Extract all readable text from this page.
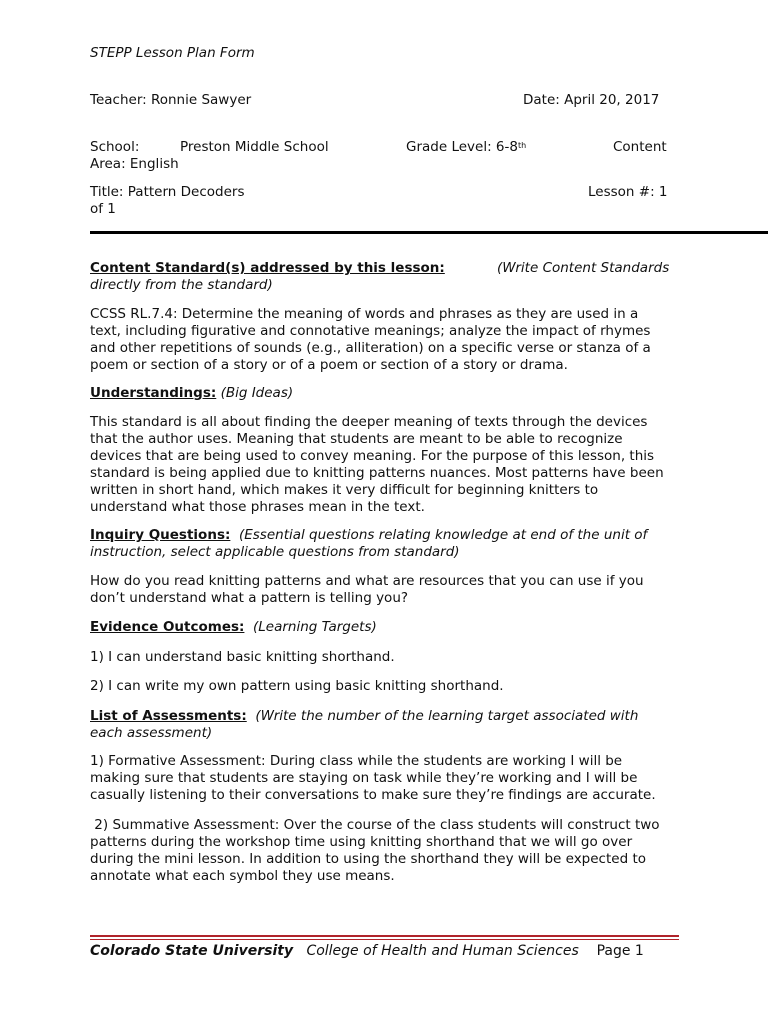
STEPP Lesson Plan Form
Teacher: Ronnie Sawyer	Date: April 20, 2017
School:	Preston Middle School	Grade Level: 6-8th	Content
Area: English
Title: Pattern Decoders	Lesson #: 1
of 1
Content Standard(s) addressed by this lesson:	(Write Content Standards
directly from the standard)
CCSS RL.7.4: Determine the meaning of words and phrases as they are used in a
text, including figurative and connotative meanings; analyze the impact of rhymes
and other repetitions of sounds (e.g., alliteration) on a specific verse or stanza of a
poem or section of a story or of a poem or section of a story or drama.
Understandings: (Big Ideas)
This standard is all about finding the deeper meaning of texts through the devices
that the author uses. Meaning that students are meant to be able to recognize
devices that are being used to convey meaning. For the purpose of this lesson, this
standard is being applied due to knitting patterns nuances. Most patterns have been
written in short hand, which makes it very difficult for beginning knitters to
understand what those phrases mean in the text.
Inquiry Questions: (Essential questions relating knowledge at end of the unit of
instruction, select applicable questions from standard)
How do you read knitting patterns and what are resources that you can use if you
don’t understand what a pattern is telling you?
Evidence Outcomes: (Learning Targets)
1) I can understand basic knitting shorthand.
2) I can write my own pattern using basic knitting shorthand.
List of Assessments: (Write the number of the learning target associated with
each assessment)
1) Formative Assessment: During class while the students are working I will be
making sure that students are staying on task while they’re working and I will be
casually listening to their conversations to make sure they’re findings are accurate.
2) Summative Assessment: Over the course of the class students will construct two
patterns during the workshop time using knitting shorthand that we will go over
during the mini lesson. In addition to using the shorthand they will be expected to
annotate what each symbol they use means.
Colorado State University College of Health and Human Sciences Page 1
